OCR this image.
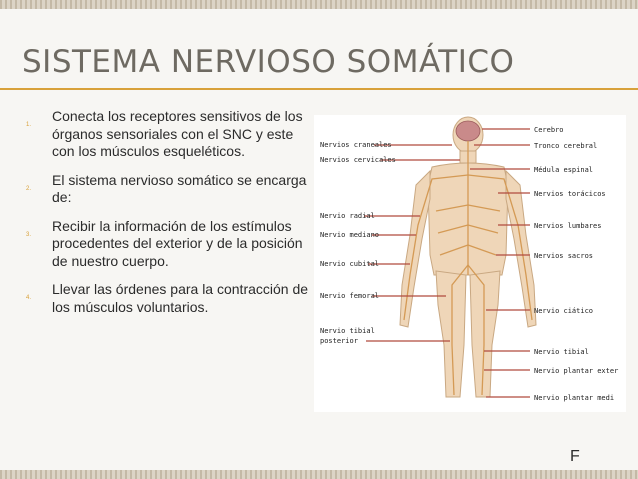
SISTEMA NERVIOSO SOMÁTICO
1.
Conecta los receptores sensitivos de los órganos sensoriales con el SNC y este con los músculos esqueléticos.
2.
El sistema nervioso somático se encarga de:
3.
Recibir la información de los estímulos procedentes del exterior y de la posición de nuestro cuerpo.
4.
Llevar las órdenes para la contracción de los músculos voluntarios.
Nervios craneales
Nervios cervicales
Nervio radial
Nervio mediano
Nervio cubital
Nervio femoral
Nervio tibial
posterior
Cerebro
Tronco cerebral
Médula espinal
Nervios torácicos
Nervios lumbares
Nervios sacros
Nervio ciático
Nervio tibial
Nervio plantar exter
Nervio plantar medi
F
